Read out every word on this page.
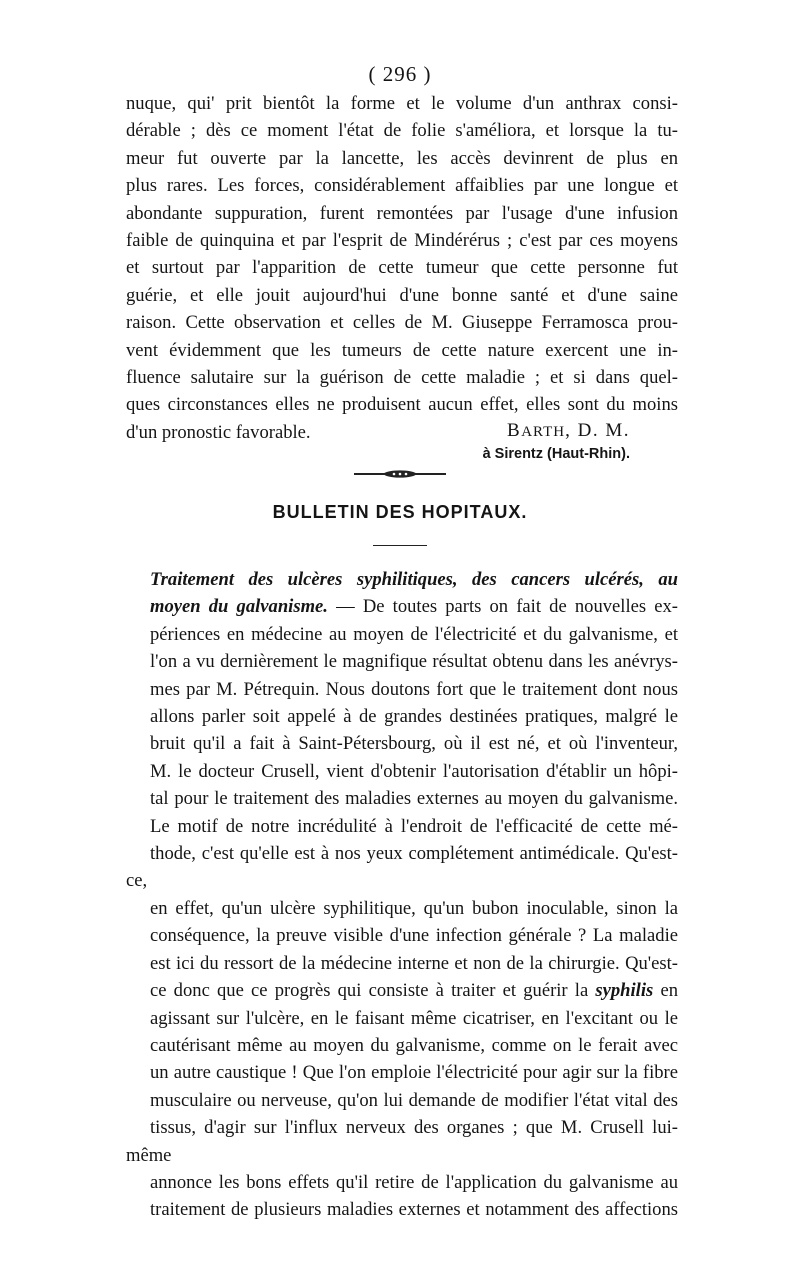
( 296 )
nuque, qui' prit bientôt la forme et le volume d'un anthrax consi-
dérable ; dès ce moment l'état de folie s'améliora, et lorsque la tu-
meur fut ouverte par la lancette, les accès devinrent de plus en
plus rares. Les forces, considérablement affaiblies par une longue et
abondante suppuration, furent remontées par l'usage d'une infusion
faible de quinquina et par l'esprit de Mindérérus ; c'est par ces moyens
et surtout par l'apparition de cette tumeur que cette personne fut
guérie, et elle jouit aujourd'hui d'une bonne santé et d'une saine
raison. Cette observation et celles de M. Giuseppe Ferramosca prou-
vent évidemment que les tumeurs de cette nature exercent une in-
fluence salutaire sur la guérison de cette maladie ; et si dans quel-
ques circonstances elles ne produisent aucun effet, elles sont du moins
d'un pronostic favorable.	BARTH, D. M.
à Sirentz (Haut-Rhin).
BULLETIN DES HOPITAUX.
Traitement des ulcères syphilitiques, des cancers ulcérés, au
moyen du galvanisme. — De toutes parts on fait de nouvelles ex-
périences en médecine au moyen de l'électricité et du galvanisme, et
l'on a vu dernièrement le magnifique résultat obtenu dans les anévrys-
mes par M. Pétrequin. Nous doutons fort que le traitement dont nous
allons parler soit appelé à de grandes destinées pratiques, malgré le
bruit qu'il a fait à Saint-Pétersbourg, où il est né, et où l'inventeur,
M. le docteur Crusell, vient d'obtenir l'autorisation d'établir un hôpi-
tal pour le traitement des maladies externes au moyen du galvanisme.
Le motif de notre incrédulité à l'endroit de l'efficacité de cette mé-
thode, c'est qu'elle est à nos yeux complétement antimédicale. Qu'est-ce,
en effet, qu'un ulcère syphilitique, qu'un bubon inoculable, sinon la
conséquence, la preuve visible d'une infection générale ? La maladie
est ici du ressort de la médecine interne et non de la chirurgie. Qu'est-
ce donc que ce progrès qui consiste à traiter et guérir la syphilis en
agissant sur l'ulcère, en le faisant même cicatriser, en l'excitant ou le
cautérisant même au moyen du galvanisme, comme on le ferait avec
un autre caustique ! Que l'on emploie l'électricité pour agir sur la fibre
musculaire ou nerveuse, qu'on lui demande de modifier l'état vital des
tissus, d'agir sur l'influx nerveux des organes ; que M. Crusell lui-même
annonce les bons effets qu'il retire de l'application du galvanisme au
traitement de plusieurs maladies externes et notamment des affections
